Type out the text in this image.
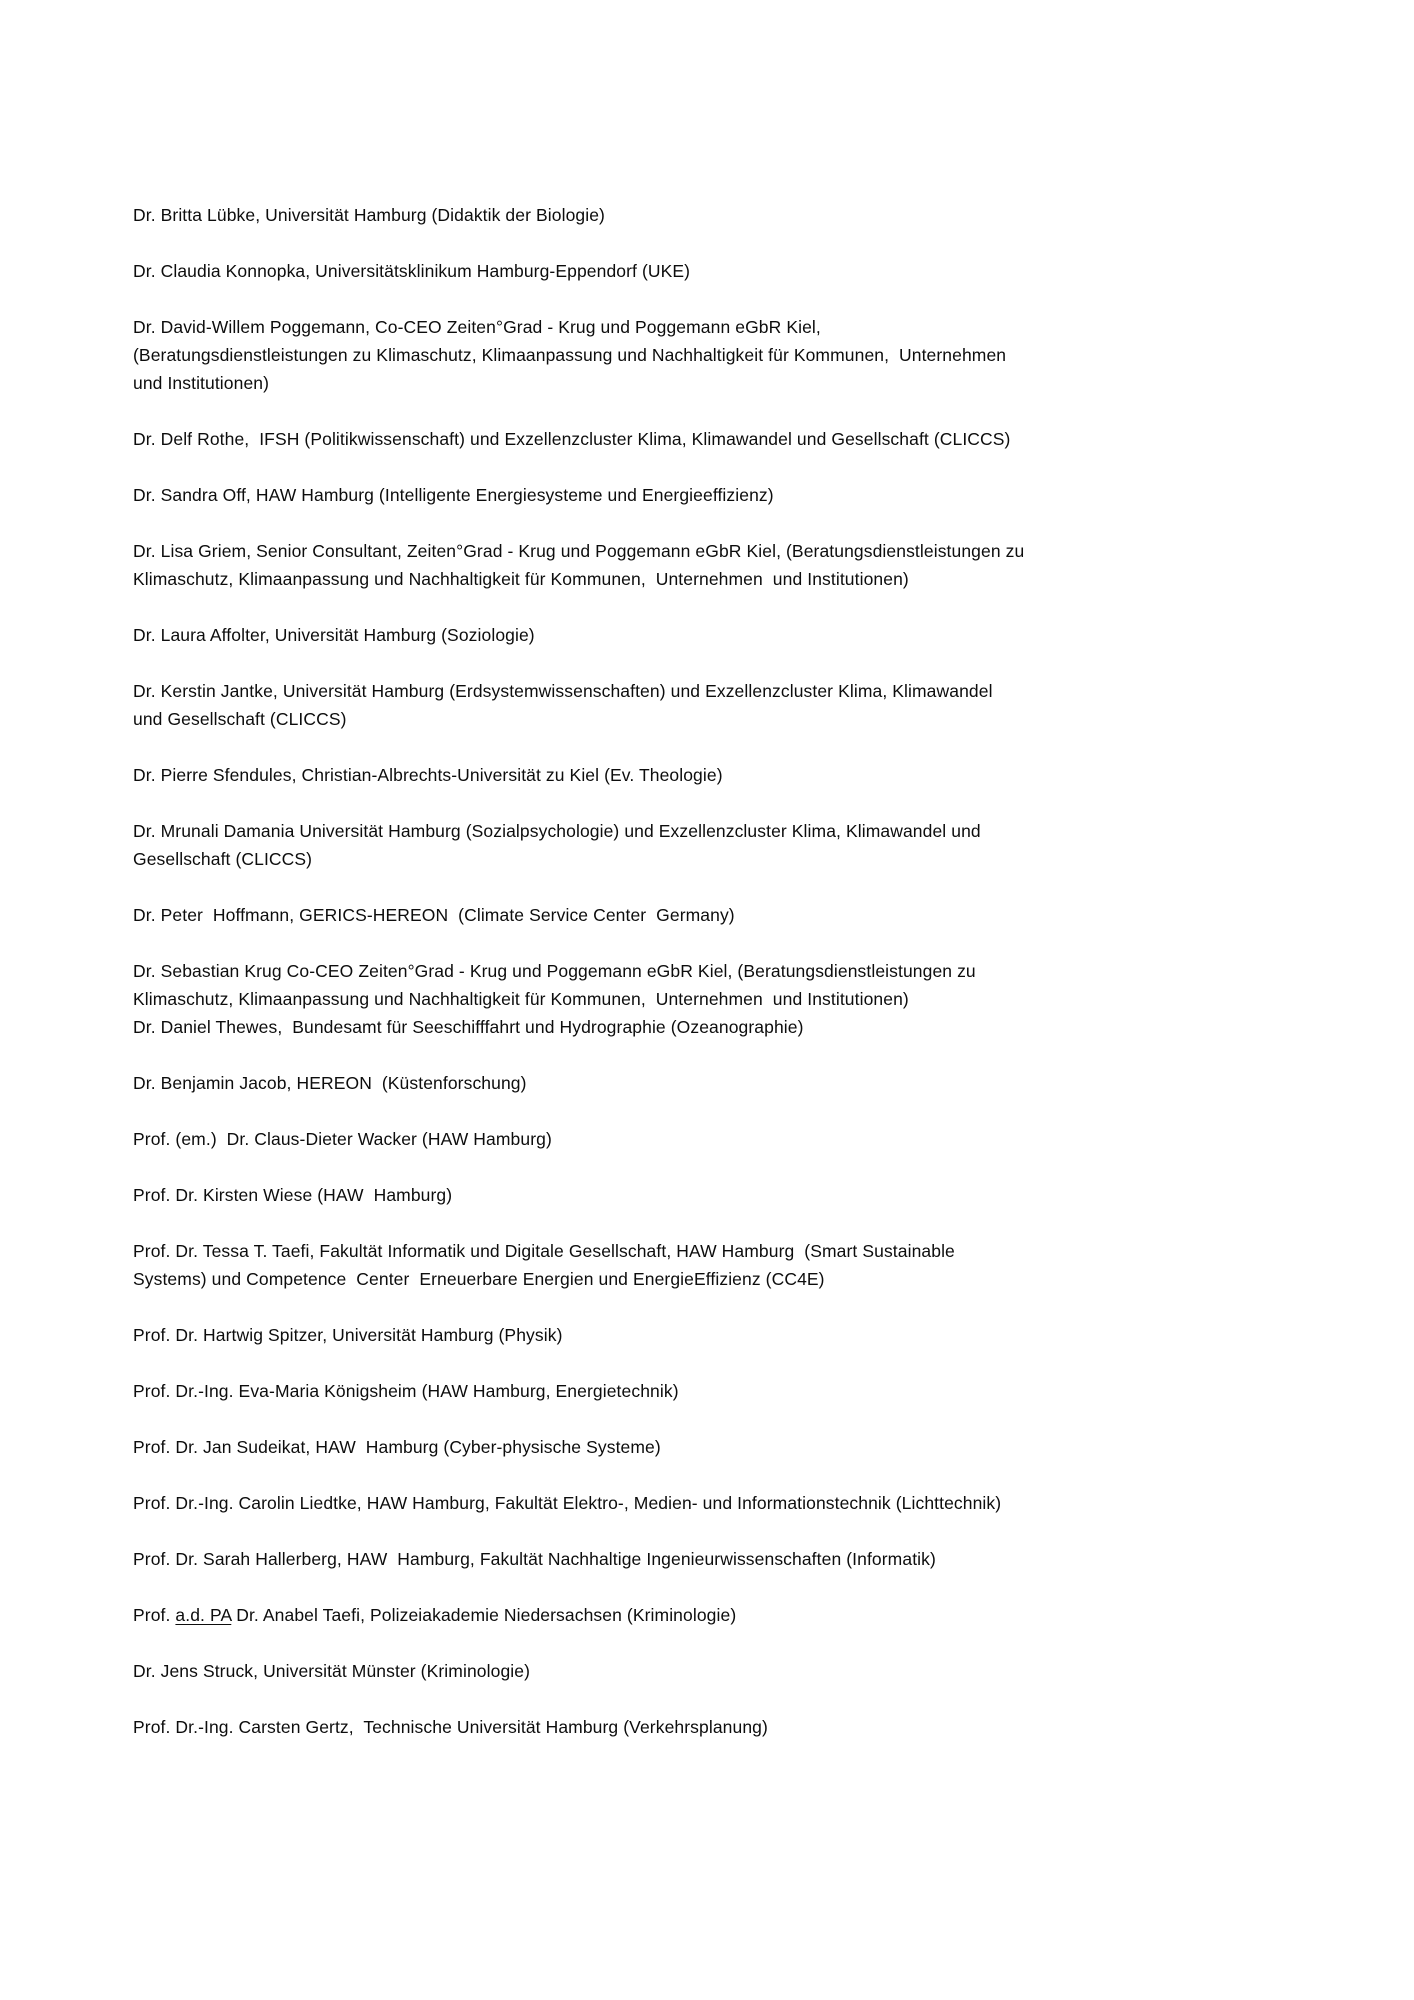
Dr. Britta Lübke, Universität Hamburg (Didaktik der Biologie)
Dr. Claudia Konnopka, Universitätsklinikum Hamburg-Eppendorf (UKE)
Dr. David-Willem Poggemann, Co-CEO Zeiten°Grad - Krug und Poggemann eGbR Kiel,
(Beratungsdienstleistungen zu Klimaschutz, Klimaanpassung und Nachhaltigkeit für Kommunen,  Unternehmen
und Institutionen)
Dr. Delf Rothe,  IFSH (Politikwissenschaft) und Exzellenzcluster Klima, Klimawandel und Gesellschaft (CLICCS)
Dr. Sandra Off, HAW Hamburg (Intelligente Energiesysteme und Energieeffizienz)
Dr. Lisa Griem, Senior Consultant, Zeiten°Grad - Krug und Poggemann eGbR Kiel, (Beratungsdienstleistungen zu
Klimaschutz, Klimaanpassung und Nachhaltigkeit für Kommunen,  Unternehmen  und Institutionen)
Dr. Laura Affolter, Universität Hamburg (Soziologie)
Dr. Kerstin Jantke, Universität Hamburg (Erdsystemwissenschaften) und Exzellenzcluster Klima, Klimawandel
und Gesellschaft (CLICCS)
Dr. Pierre Sfendules, Christian-Albrechts-Universität zu Kiel (Ev. Theologie)
Dr. Mrunali Damania Universität Hamburg (Sozialpsychologie) und Exzellenzcluster Klima, Klimawandel und
Gesellschaft (CLICCS)
Dr. Peter  Hoffmann, GERICS-HEREON  (Climate Service Center  Germany)
Dr. Sebastian Krug Co-CEO Zeiten°Grad - Krug und Poggemann eGbR Kiel, (Beratungsdienstleistungen zu
Klimaschutz, Klimaanpassung und Nachhaltigkeit für Kommunen,  Unternehmen  und Institutionen)
Dr. Daniel Thewes,  Bundesamt für Seeschifffahrt und Hydrographie (Ozeanographie)
Dr. Benjamin Jacob, HEREON  (Küstenforschung)
Prof. (em.)  Dr. Claus-Dieter Wacker (HAW Hamburg)
Prof. Dr. Kirsten Wiese (HAW  Hamburg)
Prof. Dr. Tessa T. Taefi, Fakultät Informatik und Digitale Gesellschaft, HAW Hamburg  (Smart Sustainable
Systems) und Competence  Center  Erneuerbare Energien und EnergieEffizienz (CC4E)
Prof. Dr. Hartwig Spitzer, Universität Hamburg (Physik)
Prof. Dr.-Ing. Eva-Maria Königsheim (HAW Hamburg, Energietechnik)
Prof. Dr. Jan Sudeikat, HAW  Hamburg (Cyber-physische Systeme)
Prof. Dr.-Ing. Carolin Liedtke, HAW Hamburg, Fakultät Elektro-, Medien- und Informationstechnik (Lichttechnik)
Prof. Dr. Sarah Hallerberg, HAW  Hamburg, Fakultät Nachhaltige Ingenieurwissenschaften (Informatik)
Prof. a.d. PA Dr. Anabel Taefi, Polizeiakademie Niedersachsen (Kriminologie)
Dr. Jens Struck, Universität Münster (Kriminologie)
Prof. Dr.-Ing. Carsten Gertz,  Technische Universität Hamburg (Verkehrsplanung)
